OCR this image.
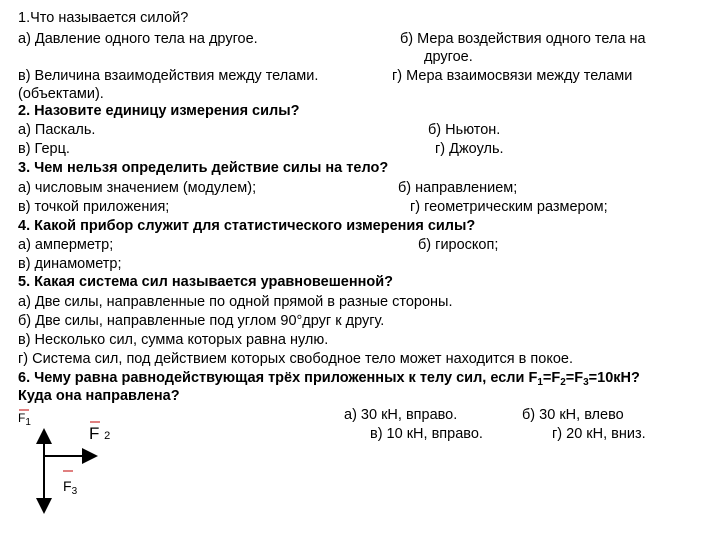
1.Что называется силой?
а) Давление одного тела на другое.	б) Мера воздействия одного тела на
другое.
в) Величина взаимодействия между телами.	г) Мера взаимосвязи между телами
(объектами).
2. Назовите единицу измерения силы?
а) Паскаль.	б) Ньютон.
в) Герц.	г) Джоуль.
3. Чем нельзя определить действие силы на тело?
а) числовым значением (модулем);	б) направлением;
в) точкой приложения;	г) геометрическим размером;
4. Какой прибор служит для статистического измерения силы?
а) амперметр;	б) гироскоп;
в) динамометр;
5. Какая система сил называется уравновешенной?
а) Две силы, направленные по одной прямой в разные стороны.
б) Две силы, направленные под углом 90°друг к другу.
в) Несколько сил, сумма которых равна нулю.
г) Система сил, под действием которых свободное тело может находится в покое.
6. Чему равна равнодействующая трёх приложенных к телу сил, если $F_1=F_2=F_3=10кН$?
Куда она направлена?
а) 30 кН, вправо.	б) 30 кН, влево
в) 10 кН, вправо.	г) 20 кН, вниз.
$F_1$
F 2
$F_3$
